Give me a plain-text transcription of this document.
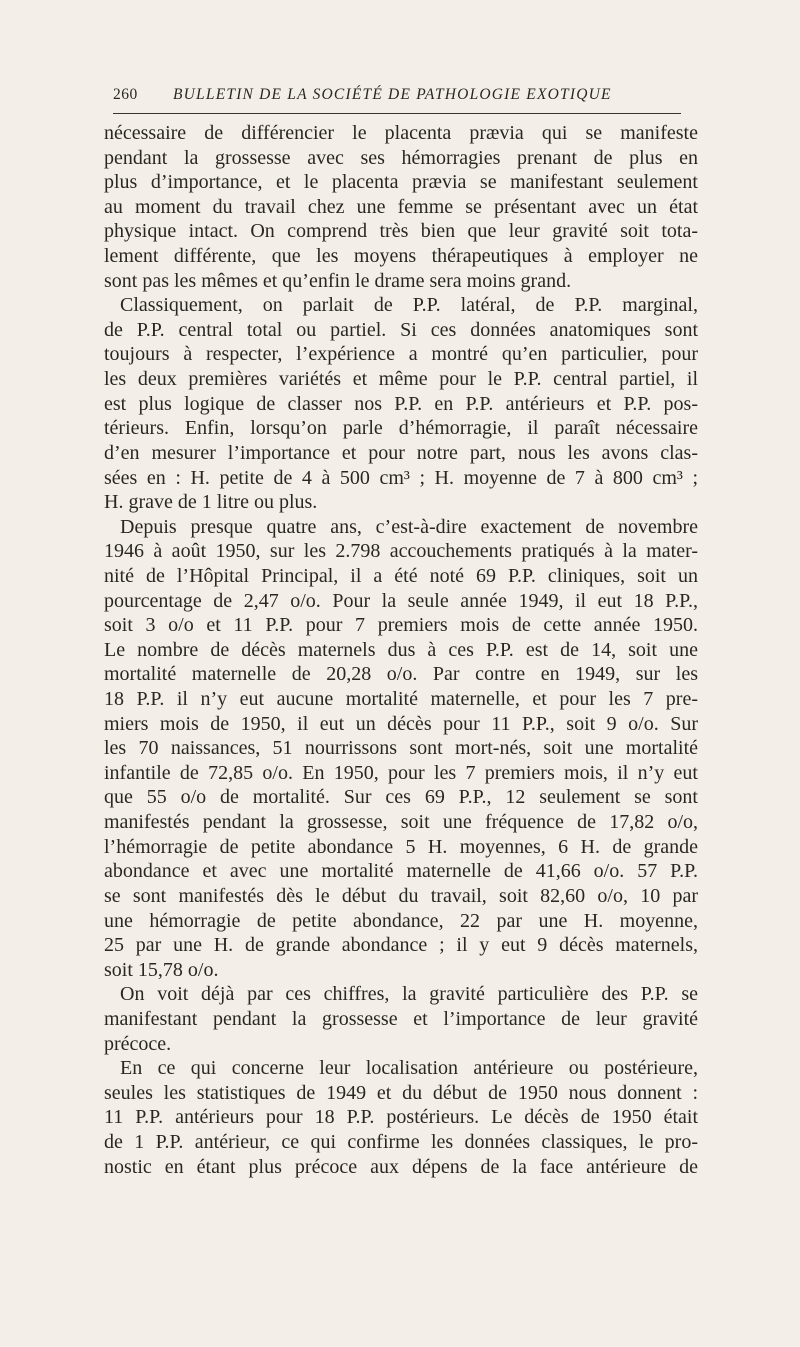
260 BULLETIN DE LA SOCIÉTÉ DE PATHOLOGIE EXOTIQUE
nécessaire de différencier le placenta prævia qui se manifeste
pendant la grossesse avec ses hémorragies prenant de plus en
plus d’importance, et le placenta prævia se manifestant seulement
au moment du travail chez une femme se présentant avec un état
physique intact. On comprend très bien que leur gravité soit tota-
lement différente, que les moyens thérapeutiques à employer ne
sont pas les mêmes et qu’enfin le drame sera moins grand.
Classiquement, on parlait de P.P. latéral, de P.P. marginal,
de P.P. central total ou partiel. Si ces données anatomiques sont
toujours à respecter, l’expérience a montré qu’en particulier, pour
les deux premières variétés et même pour le P.P. central partiel, il
est plus logique de classer nos P.P. en P.P. antérieurs et P.P. pos-
térieurs. Enfin, lorsqu’on parle d’hémorragie, il paraît nécessaire
d’en mesurer l’importance et pour notre part, nous les avons clas-
sées en : H. petite de 4 à 500 cm³ ; H. moyenne de 7 à 800 cm³ ;
H. grave de 1 litre ou plus.
Depuis presque quatre ans, c’est-à-dire exactement de novembre
1946 à août 1950, sur les 2.798 accouchements pratiqués à la mater-
nité de l’Hôpital Principal, il a été noté 69 P.P. cliniques, soit un
pourcentage de 2,47 o/o. Pour la seule année 1949, il eut 18 P.P.,
soit 3 o/o et 11 P.P. pour 7 premiers mois de cette année 1950.
Le nombre de décès maternels dus à ces P.P. est de 14, soit une
mortalité maternelle de 20,28 o/o. Par contre en 1949, sur les
18 P.P. il n’y eut aucune mortalité maternelle, et pour les 7 pre-
miers mois de 1950, il eut un décès pour 11 P.P., soit 9 o/o. Sur
les 70 naissances, 51 nourrissons sont mort-nés, soit une mortalité
infantile de 72,85 o/o. En 1950, pour les 7 premiers mois, il n’y eut
que 55 o/o de mortalité. Sur ces 69 P.P., 12 seulement se sont
manifestés pendant la grossesse, soit une fréquence de 17,82 o/o,
l’hémorragie de petite abondance 5 H. moyennes, 6 H. de grande
abondance et avec une mortalité maternelle de 41,66 o/o. 57 P.P.
se sont manifestés dès le début du travail, soit 82,60 o/o, 10 par
une hémorragie de petite abondance, 22 par une H. moyenne,
25 par une H. de grande abondance ; il y eut 9 décès maternels,
soit 15,78 o/o.
On voit déjà par ces chiffres, la gravité particulière des P.P. se
manifestant pendant la grossesse et l’importance de leur gravité
précoce.
En ce qui concerne leur localisation antérieure ou postérieure,
seules les statistiques de 1949 et du début de 1950 nous donnent :
11 P.P. antérieurs pour 18 P.P. postérieurs. Le décès de 1950 était
de 1 P.P. antérieur, ce qui confirme les données classiques, le pro-
nostic en étant plus précoce aux dépens de la face antérieure de
